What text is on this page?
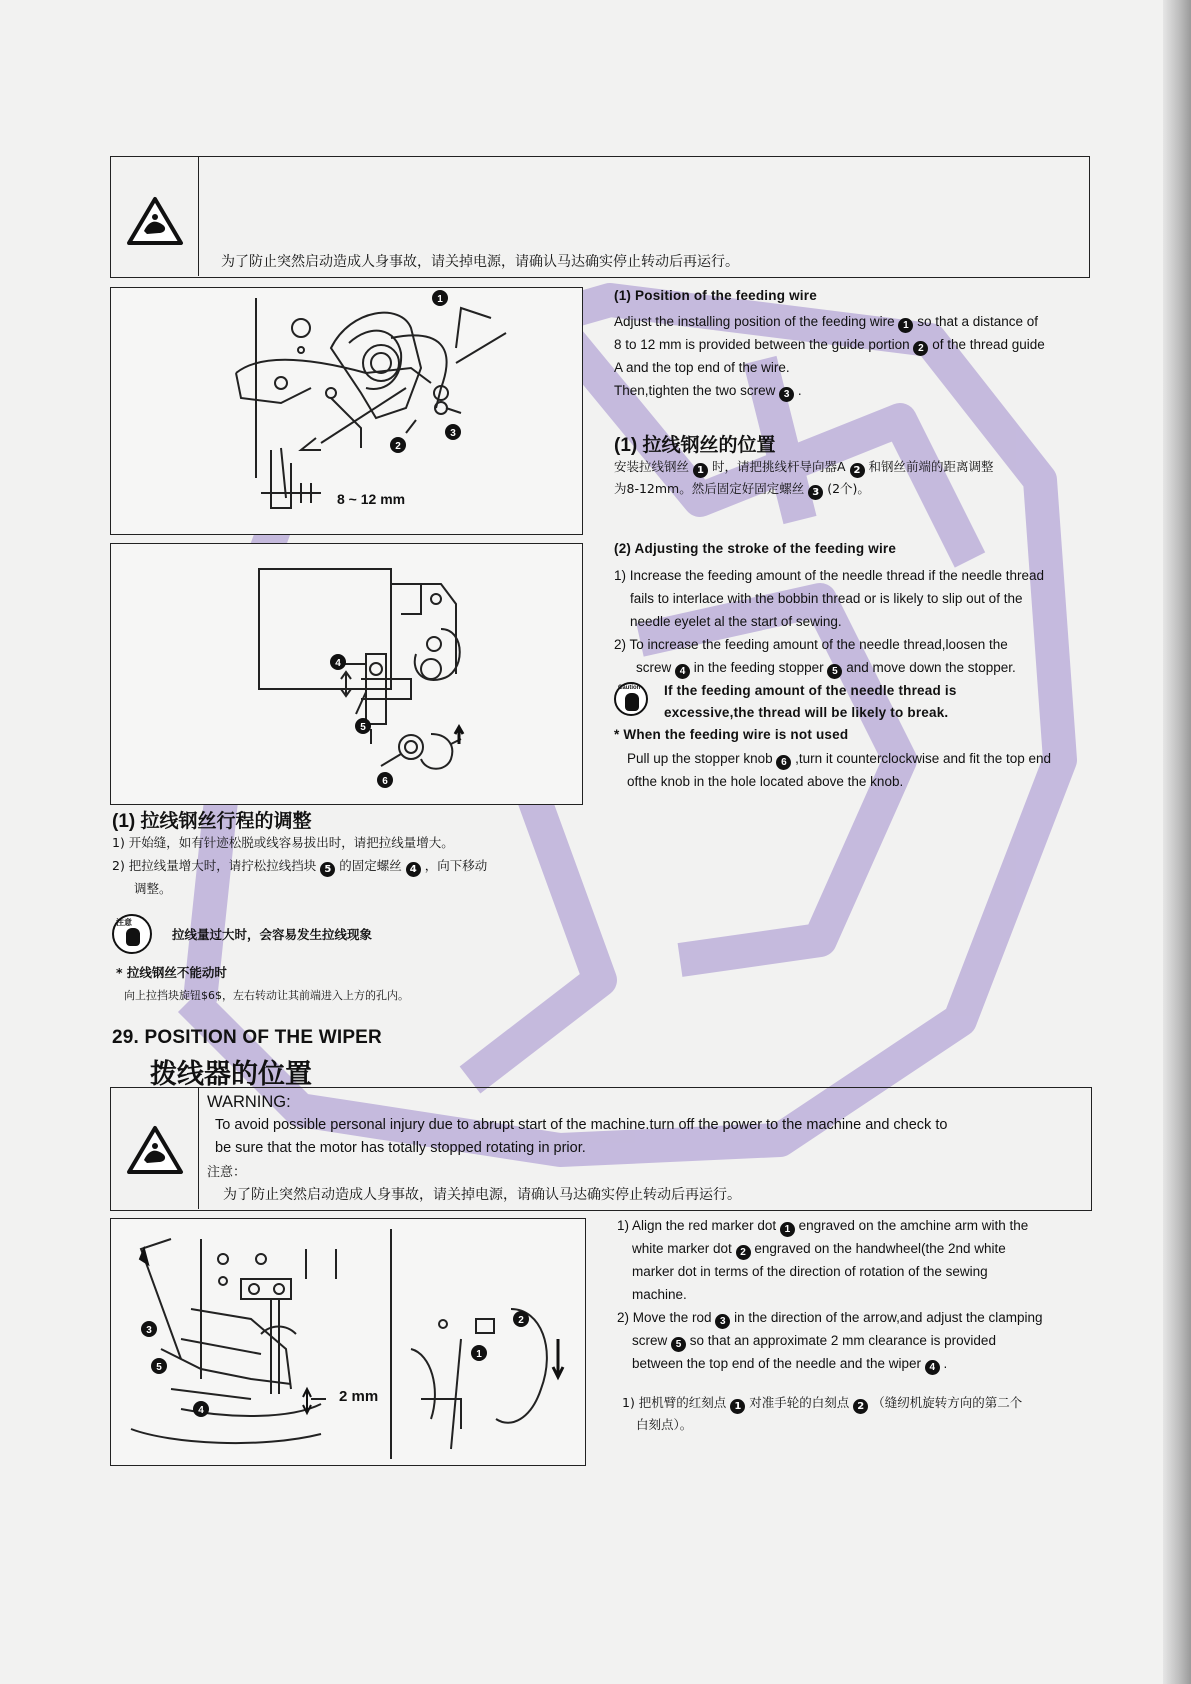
为了防止突然启动造成人身事故，请关掉电源，请确认马达确实停止转动后再运行。
1
2
3
8 ~ 12 mm
(1) Position of the feeding wire
Adjust the installing position of the feeding wire 1 so that a distance of
8 to 12 mm is provided between the guide portion 2 of the thread guide
A and the top end of the wire.
Then,tighten the two screw 3 .
(1) 拉线钢丝的位置
安装拉线钢丝 1 时，请把挑线杆导向器A 2 和钢丝前端的距离调整
为8-12mm。然后固定好固定螺丝 3 (2个)。
4
5
6
(2) Adjusting the stroke of the feeding wire
1) Increase the feeding amount of the needle thread if the needle thread
fails to interlace with the bobbin thread or is likely to slip out of the
needle eyelet al the start of sewing.
2) To increase the feeding amount of the needle thread,loosen the
screw 4 in the feeding stopper 5 and move down the stopper.
Caution If the feeding amount of the needle thread is
excessive,the thread will be likely to break.
* When the feeding wire is not used
Pull up the stopper knob 6 ,turn it counterclockwise and fit the top end
ofthe knob in the hole located above the knob.
(1) 拉线钢丝行程的调整
1) 开始缝，如有针迹松脱或线容易拔出时，请把拉线量增大。
2) 把拉线量增大时，请拧松拉线挡块 5 的固定螺丝 4 ，向下移动
调整。
注意
拉线量过大时，会容易发生拉线现象
* 拉线钢丝不能动时
向上拉挡块旋钮$6$，左右转动让其前端进入上方的孔内。
29. POSITION OF THE WIPER
拨线器的位置
WARNING:
To avoid possible personal injury due to abrupt start of the machine.turn off the power to the machine and check to
be sure that the motor has totally stopped rotating in prior.
注意：
为了防止突然启动造成人身事故，请关掉电源，请确认马达确实停止转动后再运行。
1
2
3
4
5
2 mm
1) Align the red marker dot 1 engraved on the amchine arm with the
white marker dot 2 engraved on the handwheel(the 2nd white
marker dot in terms of the direction of rotation of the sewing
machine.
2) Move the rod 3 in the direction of the arrow,and adjust the clamping
screw 5 so that an approximate 2 mm clearance is provided
between the top end of the needle and the wiper 4 .
1) 把机臂的红刻点 1 对准手轮的白刻点 2 （缝纫机旋转方向的第二个
白刻点）。
